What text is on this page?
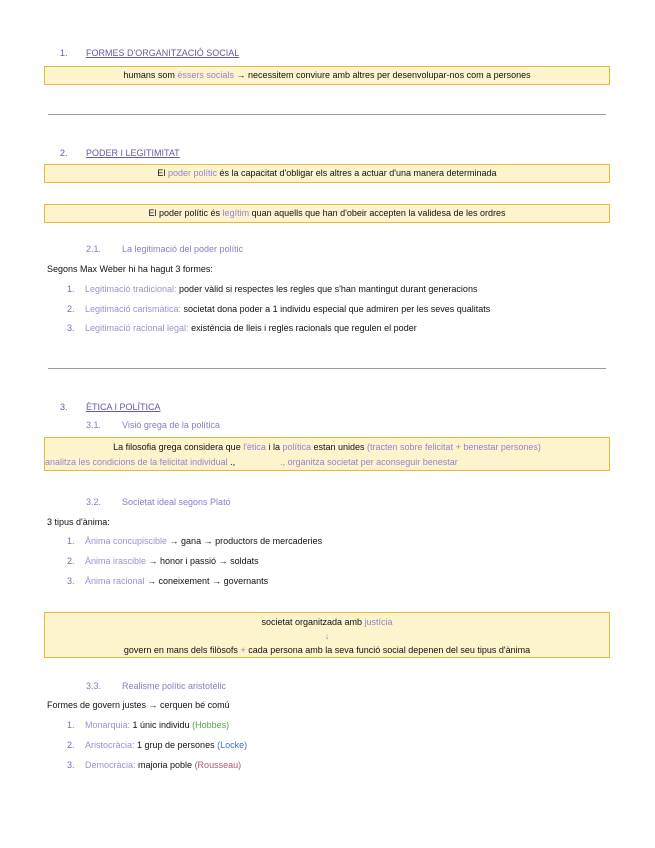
1. FORMES D'ORGANITZACIÓ SOCIAL
humans som éssers socials → necessitem conviure amb altres per desenvolupar-nos com a persones
2. PODER I LEGITIMITAT
El poder polític és la capacitat d'obligar els altres a actuar d'una manera determinada
El poder polític és legítim quan aquells que han d'obeir accepten la validesa de les ordres
2.1. La legitimació del poder polític
Segons Max Weber hi ha hagut 3 formes:
1. Legitimació tradicional: poder vàlid si respectes les regles que s'han mantingut durant generacions
2. Legitimació carismàtica: societat dona poder a 1 individu especial que admiren per les seves qualitats
3. Legitimació racional legal: existència de lleis i regles racionals que regulen el poder
3. ÈTICA I POLÍTICA
3.1. Visió grega de la política
La filosofia grega considera que l'ètica i la política estan unides (tracten sobre felicitat + benestar persones)
analitza les condicions de la felicitat individual .,	., organitza societat per aconseguir benestar
3.2. Societat ideal segons Plató
3 tipus d'ànima:
1. Ànima concupiscible → gana → productors de mercaderies
2. Ànima irascible → honor i passió → soldats
3. Ànima racional → coneixement → governants
societat organitzada amb justícia
↓
govern en mans dels filòsofs + cada persona amb la seva funció social depenen del seu tipus d'ànima
3.3. Realisme polític aristotèlic
Formes de govern justes → cerquen bé comú
1. Monarquia: 1 únic individu (Hobbes)
2. Aristocràcia: 1 grup de persones (Locke)
3. Democràcia: majoria poble (Rousseau)
